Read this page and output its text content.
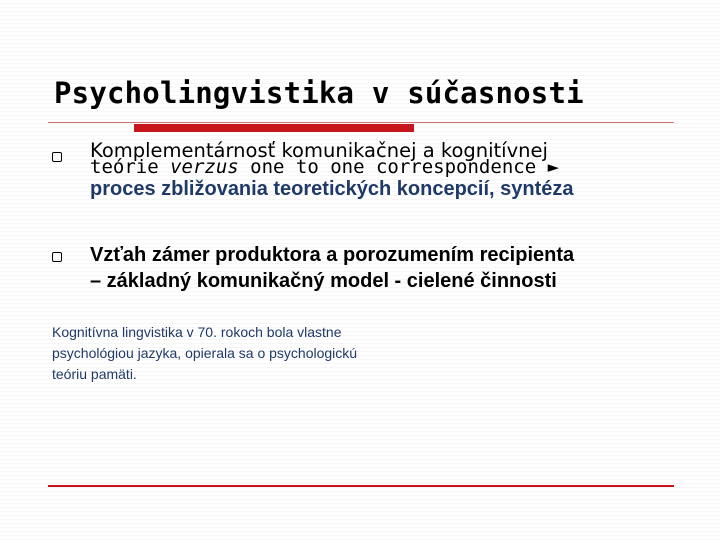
Psycholingvistika v súčasnosti
Komplementárnosť komunikačnej a kognitívnej
teórie verzus one to one correspondence ►
proces zbližovania teoretických koncepcií, syntéza
Vzťah zámer produktora a porozumením recipienta
– základný komunikačný model - cielené činnosti
Kognitívna lingvistika v 70. rokoch bola vlastne
psychológiou jazyka, opierala sa o psychologickú
teóriu pamäti.
